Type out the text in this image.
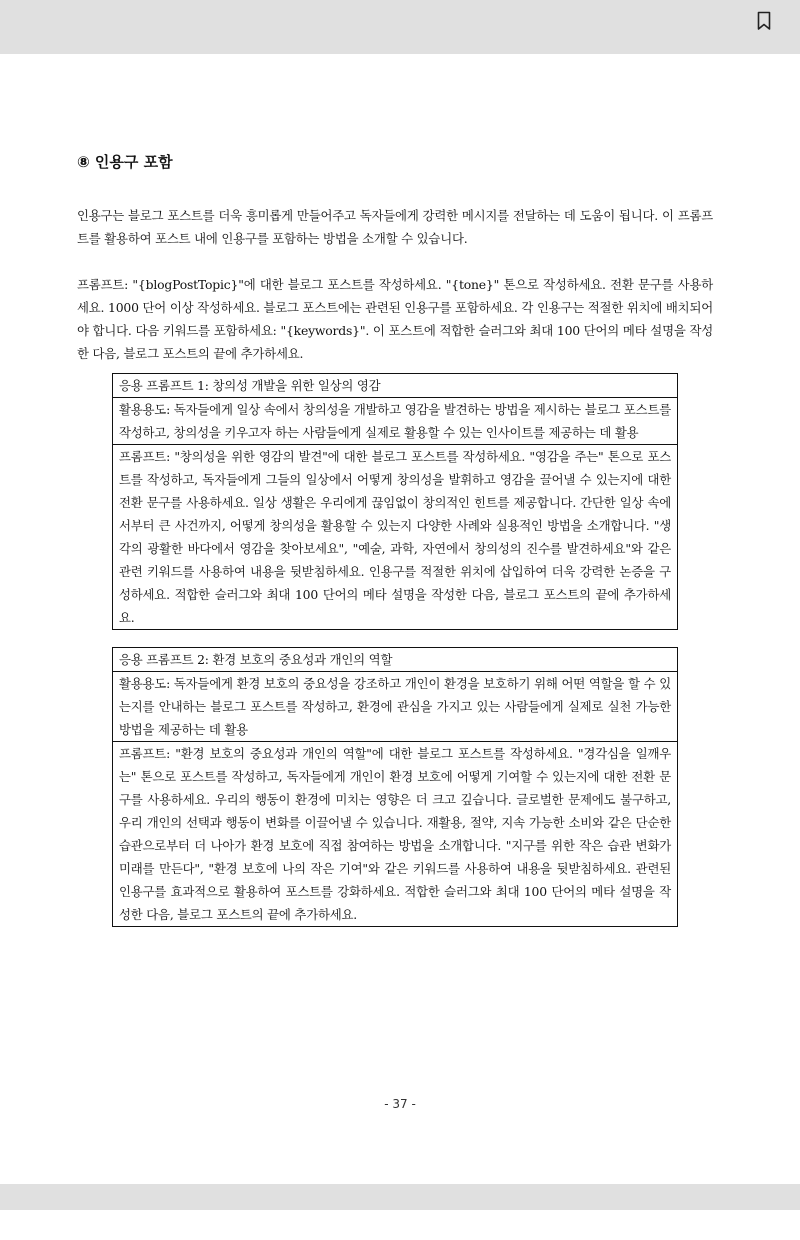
⑧ 인용구 포함

인용구는 블로그 포스트를 더욱 흥미롭게 만들어주고 독자들에게 강력한 메시지를 전달하는 데 도움이 됩니다. 이 프롬프트를 활용하여 포스트 내에 인용구를 포함하는 방법을 소개할 수 있습니다.

프롬프트: "{blogPostTopic}"에 대한 블로그 포스트를 작성하세요. "{tone}" 톤으로 작성하세요. 전환 문구를 사용하세요. 1000 단어 이상 작성하세요. 블로그 포스트에는 관련된 인용구를 포함하세요. 각 인용구는 적절한 위치에 배치되어야 합니다. 다음 키워드를 포함하세요: "{keywords}". 이 포스트에 적합한 슬러그와 최대 100 단어의 메타 설명을 작성한 다음, 블로그 포스트의 끝에 추가하세요.

응용 프롬프트 1: 창의성 개발을 위한 일상의 영감
활용용도: 독자들에게 일상 속에서 창의성을 개발하고 영감을 발견하는 방법을 제시하는 블로그 포스트를 작성하고, 창의성을 키우고자 하는 사람들에게 실제로 활용할 수 있는 인사이트를 제공하는 데 활용
프롬프트: "창의성을 위한 영감의 발견"에 대한 블로그 포스트를 작성하세요. "영감을 주는" 톤으로 포스트를 작성하고, 독자들에게 그들의 일상에서 어떻게 창의성을 발휘하고 영감을 끌어낼 수 있는지에 대한 전환 문구를 사용하세요. 일상 생활은 우리에게 끊임없이 창의적인 힌트를 제공합니다. 간단한 일상 속에서부터 큰 사건까지, 어떻게 창의성을 활용할 수 있는지 다양한 사례와 실용적인 방법을 소개합니다. "생각의 광활한 바다에서 영감을 찾아보세요", "예술, 과학, 자연에서 창의성의 진수를 발견하세요"와 같은 관련 키워드를 사용하여 내용을 뒷받침하세요. 인용구를 적절한 위치에 삽입하여 더욱 강력한 논증을 구성하세요. 적합한 슬러그와 최대 100 단어의 메타 설명을 작성한 다음, 블로그 포스트의 끝에 추가하세요.
응용 프롬프트 2: 환경 보호의 중요성과 개인의 역할
활용용도: 독자들에게 환경 보호의 중요성을 강조하고 개인이 환경을 보호하기 위해 어떤 역할을 할 수 있는지를 안내하는 블로그 포스트를 작성하고, 환경에 관심을 가지고 있는 사람들에게 실제로 실천 가능한 방법을 제공하는 데 활용
프롬프트: "환경 보호의 중요성과 개인의 역할"에 대한 블로그 포스트를 작성하세요. "경각심을 일깨우는" 톤으로 포스트를 작성하고, 독자들에게 개인이 환경 보호에 어떻게 기여할 수 있는지에 대한 전환 문구를 사용하세요. 우리의 행동이 환경에 미치는 영향은 더 크고 깊습니다. 글로벌한 문제에도 불구하고, 우리 개인의 선택과 행동이 변화를 이끌어낼 수 있습니다. 재활용, 절약, 지속 가능한 소비와 같은 단순한 습관으로부터 더 나아가 환경 보호에 직접 참여하는 방법을 소개합니다. "지구를 위한 작은 습관 변화가 미래를 만든다", "환경 보호에 나의 작은 기여"와 같은 키워드를 사용하여 내용을 뒷받침하세요. 관련된 인용구를 효과적으로 활용하여 포스트를 강화하세요. 적합한 슬러그와 최대 100 단어의 메타 설명을 작성한 다음, 블로그 포스트의 끝에 추가하세요.
- 37 -
